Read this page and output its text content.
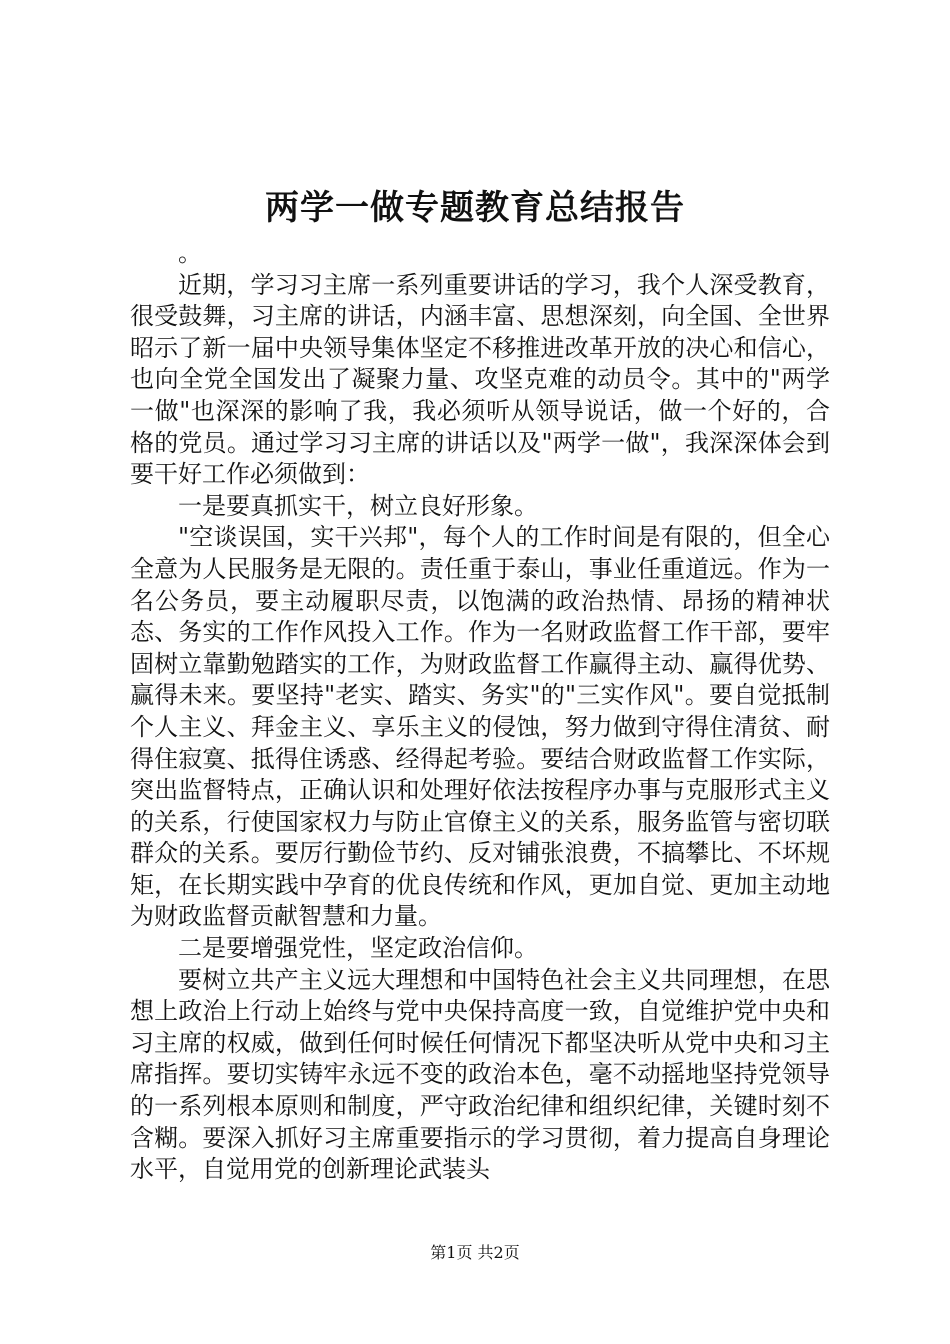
两学一做专题教育总结报告

。

近期，学习习主席一系列重要讲话的学习，我个人深受教育，很受鼓舞，习主席的讲话，内涵丰富、思想深刻，向全国、全世界昭示了新一届中央领导集体坚定不移推进改革开放的决心和信心，也向全党全国发出了凝聚力量、攻坚克难的动员令。其中的"两学一做"也深深的影响了我，我必须听从领导说话，做一个好的，合格的党员。通过学习习主席的讲话以及"两学一做"，我深深体会到要干好工作必须做到：

一是要真抓实干，树立良好形象。

"空谈误国，实干兴邦"，每个人的工作时间是有限的，但全心全意为人民服务是无限的。责任重于泰山，事业任重道远。作为一名公务员，要主动履职尽责，以饱满的政治热情、昂扬的精神状态、务实的工作作风投入工作。作为一名财政监督工作干部，要牢固树立靠勤勉踏实的工作，为财政监督工作赢得主动、赢得优势、赢得未来。要坚持"老实、踏实、务实"的"三实作风"。要自觉抵制个人主义、拜金主义、享乐主义的侵蚀，努力做到守得住清贫、耐得住寂寞、抵得住诱惑、经得起考验。要结合财政监督工作实际，突出监督特点，正确认识和处理好依法按程序办事与克服形式主义的关系，行使国家权力与防止官僚主义的关系，服务监管与密切联群众的关系。要厉行勤俭节约、反对铺张浪费，不搞攀比、不坏规矩，在长期实践中孕育的优良传统和作风，更加自觉、更加主动地为财政监督贡献智慧和力量。

二是要增强党性，坚定政治信仰。

要树立共产主义远大理想和中国特色社会主义共同理想，在思想上政治上行动上始终与党中央保持高度一致，自觉维护党中央和习主席的权威，做到任何时候任何情况下都坚决听从党中央和习主席指挥。要切实铸牢永远不变的政治本色，毫不动摇地坚持党领导的一系列根本原则和制度，严守政治纪律和组织纪律，关键时刻不含糊。要深入抓好习主席重要指示的学习贯彻，着力提高自身理论水平，自觉用党的创新理论武装头

第1页 共2页
